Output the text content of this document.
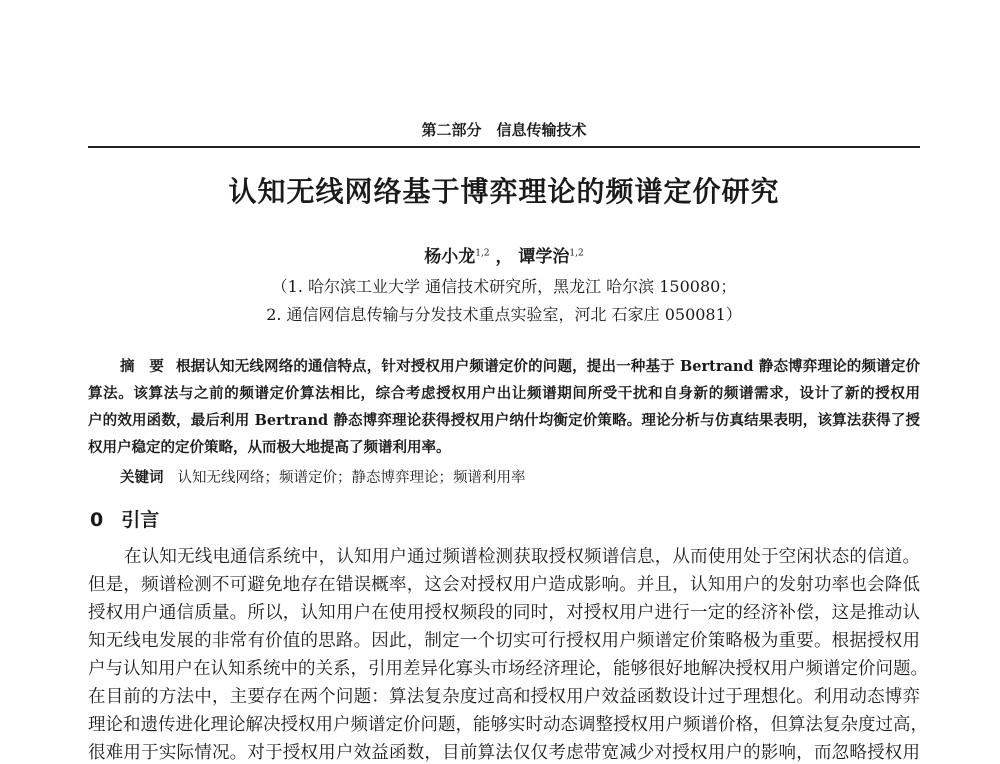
第二部分　信息传输技术
认知无线网络基于博弈理论的频谱定价研究
杨小龙$^{1,2}$ ， 谭学治$^{1,2}$
（1. 哈尔滨工业大学 通信技术研究所，黑龙江 哈尔滨 150080；
2. 通信网信息传输与分发技术重点实验室，河北 石家庄 050081）
摘　要 根据认知无线网络的通信特点，针对授权用户频谱定价的问题，提出一种基于 Bertrand 静态博弈理论的频谱定价
算法。该算法与之前的频谱定价算法相比，综合考虑授权用户出让频谱期间所受干扰和自身新的频谱需求，设计了新的授权用
户的效用函数，最后利用 Bertrand 静态博弈理论获得授权用户纳什均衡定价策略。理论分析与仿真结果表明，该算法获得了授
权用户稳定的定价策略，从而极大地提高了频谱利用率。
关键词 认知无线网络；频谱定价；静态博弈理论；频谱利用率
0 引言
在认知无线电通信系统中，认知用户通过频谱检测获取授权频谱信息，从而使用处于空闲状态的信道。
但是，频谱检测不可避免地存在错误概率，这会对授权用户造成影响。并且，认知用户的发射功率也会降低
授权用户通信质量。所以，认知用户在使用授权频段的同时，对授权用户进行一定的经济补偿，这是推动认
知无线电发展的非常有价值的思路。因此，制定一个切实可行授权用户频谱定价策略极为重要。根据授权用
户与认知用户在认知系统中的关系，引用差异化寡头市场经济理论，能够很好地解决授权用户频谱定价问题。
在目前的方法中，主要存在两个问题：算法复杂度过高和授权用户效益函数设计过于理想化。利用动态博弈
理论和遗传进化理论解决授权用户频谱定价问题，能够实时动态调整授权用户频谱价格，但算法复杂度过高，
很难用于实际情况。对于授权用户效益函数，目前算法仅仅考虑带宽减少对授权用户的影响，而忽略授权用
